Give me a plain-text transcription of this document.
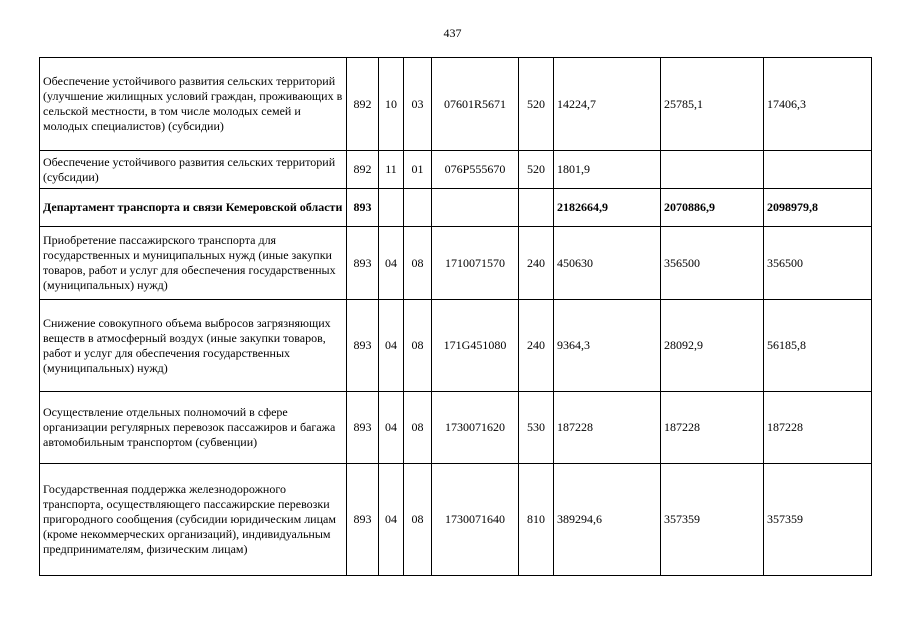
437
Обеспечение устойчивого развития сельских территорий (улучшение жилищных условий граждан, проживающих в сельской местности, в том числе молодых семей и молодых специалистов) (субсидии)	892	10	03	07601R5671	520	14224,7	25785,1	17406,3
Обеспечение устойчивого развития сельских территорий (субсидии)	892	11	01	076P555670	520	1801,9		
Департамент транспорта и связи Кемеровской области	893					2182664,9	2070886,9	2098979,8
Приобретение пассажирского транспорта для государственных и муниципальных нужд (иные закупки товаров, работ и услуг для обеспечения государственных (муниципальных) нужд)	893	04	08	1710071570	240	450630	356500	356500
Снижение совокупного объема выбросов загрязняющих веществ в атмосферный воздух (иные закупки товаров, работ и услуг для обеспечения государственных (муниципальных) нужд)	893	04	08	171G451080	240	9364,3	28092,9	56185,8
Осуществление отдельных полномочий в сфере организации регулярных перевозок пассажиров и багажа автомобильным транспортом (субвенции)	893	04	08	1730071620	530	187228	187228	187228
Государственная поддержка железнодорожного транспорта, осуществляющего пассажирские перевозки пригородного сообщения (субсидии юридическим лицам (кроме некоммерческих организаций), индивидуальным предпринимателям, физическим лицам)	893	04	08	1730071640	810	389294,6	357359	357359
